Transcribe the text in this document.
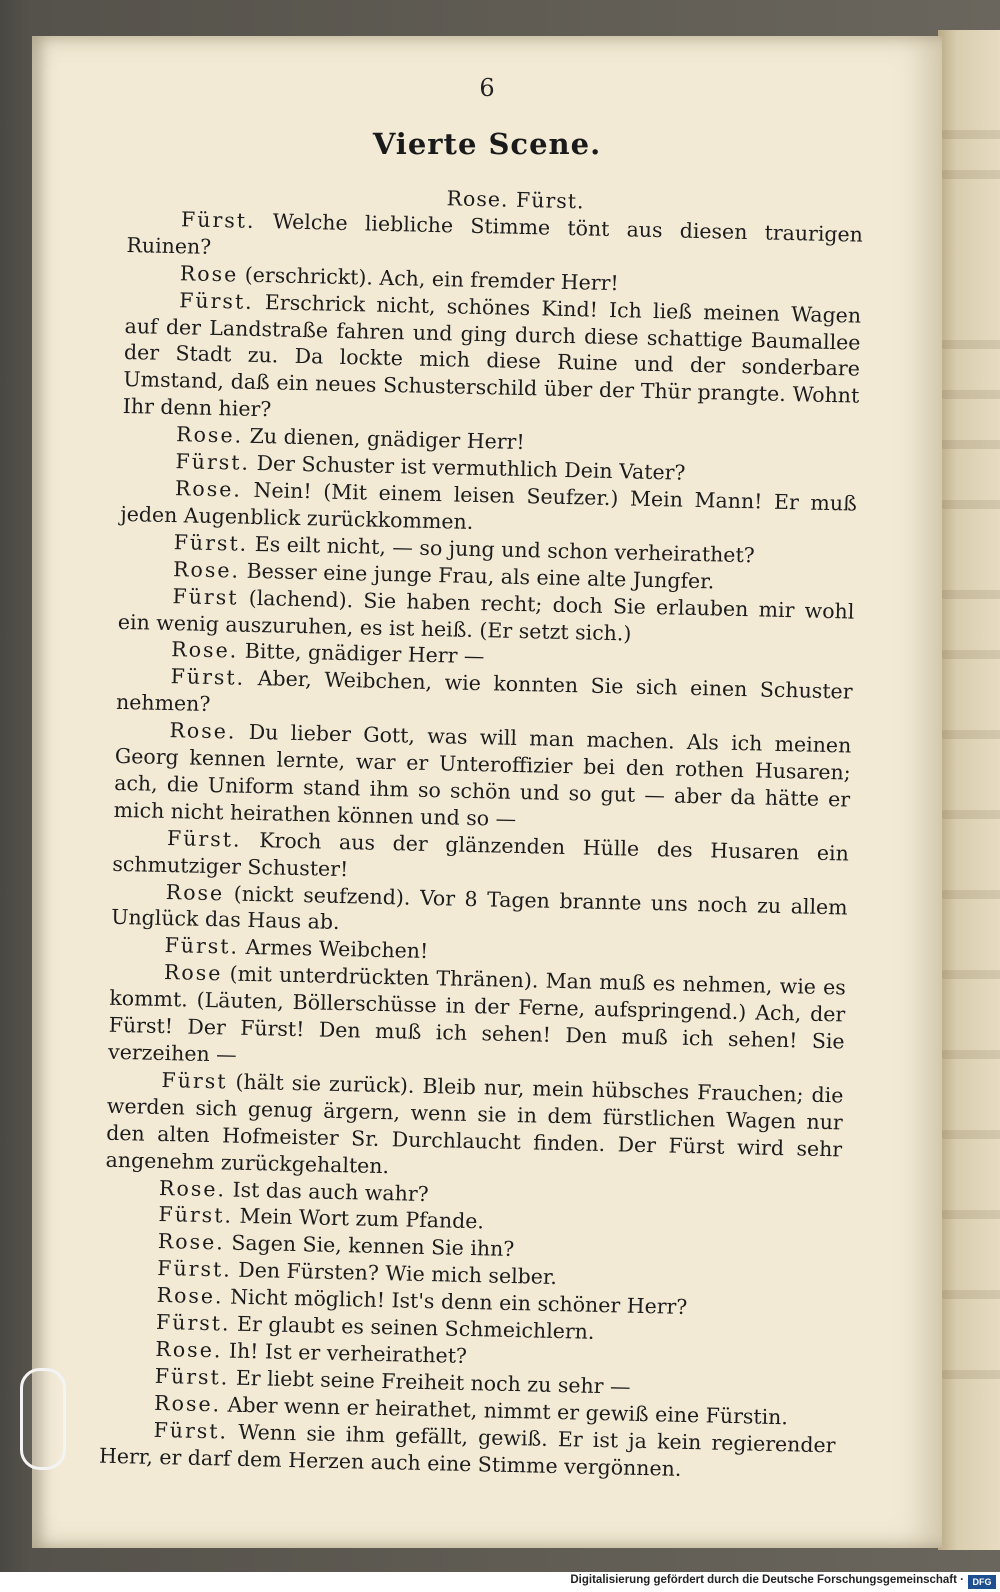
6
Vierte Scene.
Rose. Fürst.

Fürst. Welche liebliche Stimme tönt aus diesen traurigen Ruinen?

Rose (erschrickt). Ach, ein fremder Herr!

Fürst. Erschrick nicht, schönes Kind! Ich ließ meinen Wagen auf der Landstraße fahren und ging durch diese schattige Baumallee der Stadt zu. Da lockte mich diese Ruine und der sonderbare Umstand, daß ein neues Schusterschild über der Thür prangte. Wohnt Ihr denn hier?

Rose. Zu dienen, gnädiger Herr!

Fürst. Der Schuster ist vermuthlich Dein Vater?

Rose. Nein! (Mit einem leisen Seufzer.) Mein Mann! Er muß jeden Augenblick zurückkommen.

Fürst. Es eilt nicht, — so jung und schon verheirathet?

Rose. Besser eine junge Frau, als eine alte Jungfer.

Fürst (lachend). Sie haben recht; doch Sie erlauben mir wohl ein wenig auszuruhen, es ist heiß. (Er setzt sich.)

Rose. Bitte, gnädiger Herr —

Fürst. Aber, Weibchen, wie konnten Sie sich einen Schuster nehmen?

Rose. Du lieber Gott, was will man machen. Als ich meinen Georg kennen lernte, war er Unteroffizier bei den rothen Husaren; ach, die Uniform stand ihm so schön und so gut — aber da hätte er mich nicht heirathen können und so —

Fürst. Kroch aus der glänzenden Hülle des Husaren ein schmutziger Schuster!

Rose (nickt seufzend). Vor 8 Tagen brannte uns noch zu allem Unglück das Haus ab.

Fürst. Armes Weibchen!

Rose (mit unterdrückten Thränen). Man muß es nehmen, wie es kommt. (Läuten, Böllerschüsse in der Ferne, aufspringend.) Ach, der Fürst! Der Fürst! Den muß ich sehen! Den muß ich sehen! Sie verzeihen —

Fürst (hält sie zurück). Bleib nur, mein hübsches Frauchen; die werden sich genug ärgern, wenn sie in dem fürstlichen Wagen nur den alten Hofmeister Sr. Durchlaucht finden. Der Fürst wird sehr angenehm zurückgehalten.

Rose. Ist das auch wahr?

Fürst. Mein Wort zum Pfande.

Rose. Sagen Sie, kennen Sie ihn?

Fürst. Den Fürsten? Wie mich selber.

Rose. Nicht möglich! Ist's denn ein schöner Herr?

Fürst. Er glaubt es seinen Schmeichlern.

Rose. Ih! Ist er verheirathet?

Fürst. Er liebt seine Freiheit noch zu sehr —

Rose. Aber wenn er heirathet, nimmt er gewiß eine Fürstin.

Fürst. Wenn sie ihm gefällt, gewiß. Er ist ja kein regierender Herr, er darf dem Herzen auch eine Stimme vergönnen.

Digitalisierung gefördert durch die Deutsche Forschungsgemeinschaft · DFG
